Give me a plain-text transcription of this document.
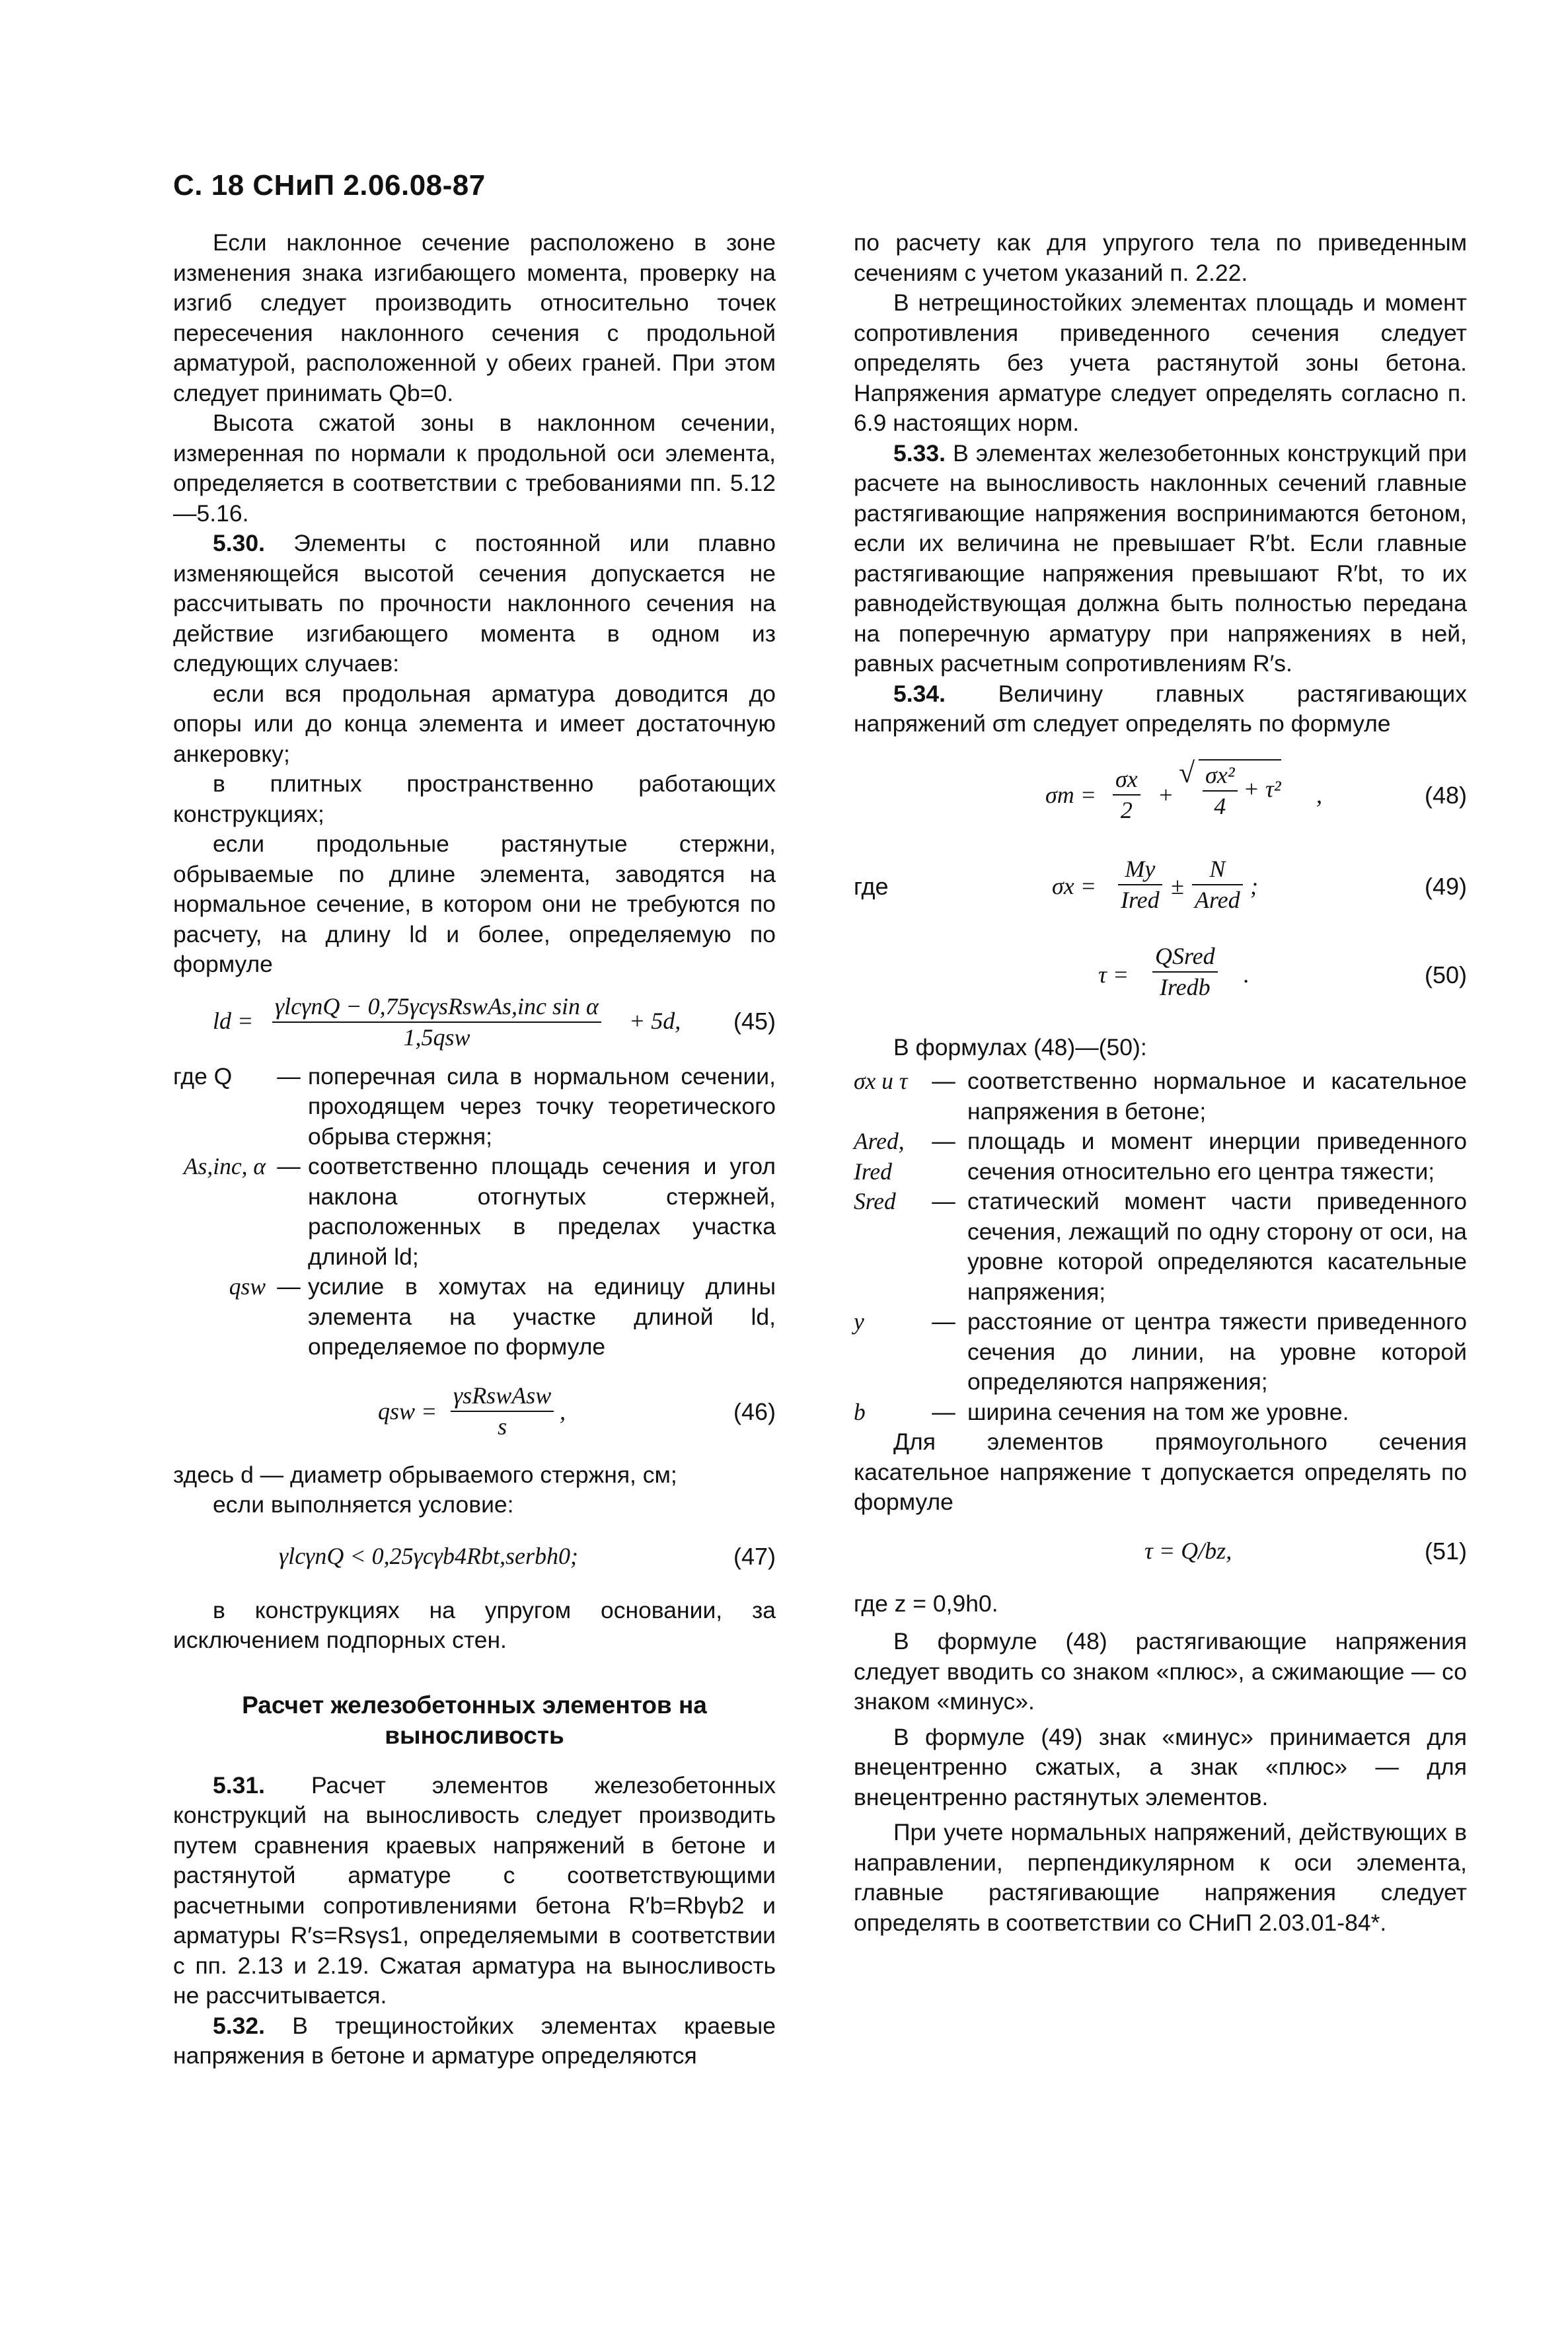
С. 18 СНиП 2.06.08-87

Если наклонное сечение расположено в зоне изменения знака изгибающего момента, проверку на изгиб следует производить относительно точек пересечения наклонного сечения с продольной арматурой, расположенной у обеих граней. При этом следует принимать Qb=0.

Высота сжатой зоны в наклонном сечении, измеренная по нормали к продольной оси элемента, определяется в соответствии с требованиями пп. 5.12—5.16.

5.30. Элементы с постоянной или плавно изменяющейся высотой сечения допускается не рассчитывать по прочности наклонного сечения на действие изгибающего момента в одном из следующих случаев:

если вся продольная арматура доводится до опоры или до конца элемента и имеет достаточную анкеровку;

в плитных пространственно работающих конструкциях;

если продольные растянутые стержни, обрываемые по длине элемента, заводятся на нормальное сечение, в котором они не требуются по расчету, на длину ld и более, определяемую по формуле

ld = $\frac{\text{γlcγnQ − 0,75γcγsRswAs,inc sin α}}{\text{1,5qsw}} + 5d$, (45)
где Q	— поперечная сила в нормальном сечении, проходящем через точку теоретического обрыва стержня;
As,inc, α — соответственно площадь сечения и угол наклона отогнутых стержней, расположенных в пределах участка длиной ld;
qsw — усилие в хомутах на единицу длины элемента на участке длиной ld, определяемое по формуле
qsw = $\frac{\text{γsRswAsw}}{s}$ ,	(46)

здесь d — диаметр обрываемого стержня, см;

если выполняется условие:

γlcγnQ < 0,25γcγb4Rbt,serbh0;	(47)

в конструкциях на упругом основании, за исключением подпорных стен.

Расчет железобетонных элементов на выносливость

5.31. Расчет элементов железобетонных конструкций на выносливость следует производить путем сравнения краевых напряжений в бетоне и растянутой арматуре с соответствующими расчетными сопротивлениями бетона R′b=Rbγb2 и арматуры R′s=Rsγs1, определяемыми в соответствии с пп. 2.13 и 2.19. Сжатая арматура на выносливость не рассчитывается.

5.32. В трещиностойких элементах краевые напряжения в бетоне и арматуре определяются

по расчету как для упругого тела по приведенным сечениям с учетом указаний п. 2.22.

В нетрещиностойких элементах площадь и момент сопротивления приведенного сечения следует определять без учета растянутой зоны бетона. Напряжения арматуре следует определять согласно п. 6.9 настоящих норм.

5.33. В элементах железобетонных конструкций при расчете на выносливость наклонных сечений главные растягивающие напряжения воспринимаются бетоном, если их величина не превышает R′bt. Если главные растягивающие напряжения превышают R′bt, то их равнодействующая должна быть полностью передана на поперечную арматуру при напряжениях в ней, равных расчетным сопротивлениям R′s.

5.34. Величину главных растягивающих напряжений σm следует определять по формуле

$\sigma m = \frac{\sigma x}{2}$ +
√ $\frac{\text{σx²}}{4} + \tau^2$ ,	(48)
где	$\sigma x = \frac{My}{\text{Ired}} \pm \frac{N}{\text{Ared}}$ ;	(49)
$\tau = \frac{\text{QSred}}{\text{Iredb}}$ .	(50)

В формулах (48)—(50):

σx и τ	— соответственно нормальное и касательное напряжения в бетоне;
Ared, Ired
— площадь и момент инерции приведенного сечения относительно его центра тяжести;
Sred	— статический момент части приведенного сечения, лежащий по одну сторону от оси, на уровне которой определяются касательные напряжения;
y	— расстояние от центра тяжести приведенного сечения до линии, на уровне которой определяются напряжения;
b	— ширина сечения на том же уровне.

Для элементов прямоугольного сечения касательное напряжение τ допускается определять по формуле

τ = Q/bz,	(51)

где z = 0,9h0.

В формуле (48) растягивающие напряжения следует вводить со знаком «плюс», а сжимающие — со знаком «минус».

В формуле (49) знак «минус» принимается для внецентренно сжатых, а знак «плюс» — для внецентренно растянутых элементов.

При учете нормальных напряжений, действующих в направлении, перпендикулярном к оси элемента, главные растягивающие напряжения следует определять в соответствии со СНиП 2.03.01-84*.
